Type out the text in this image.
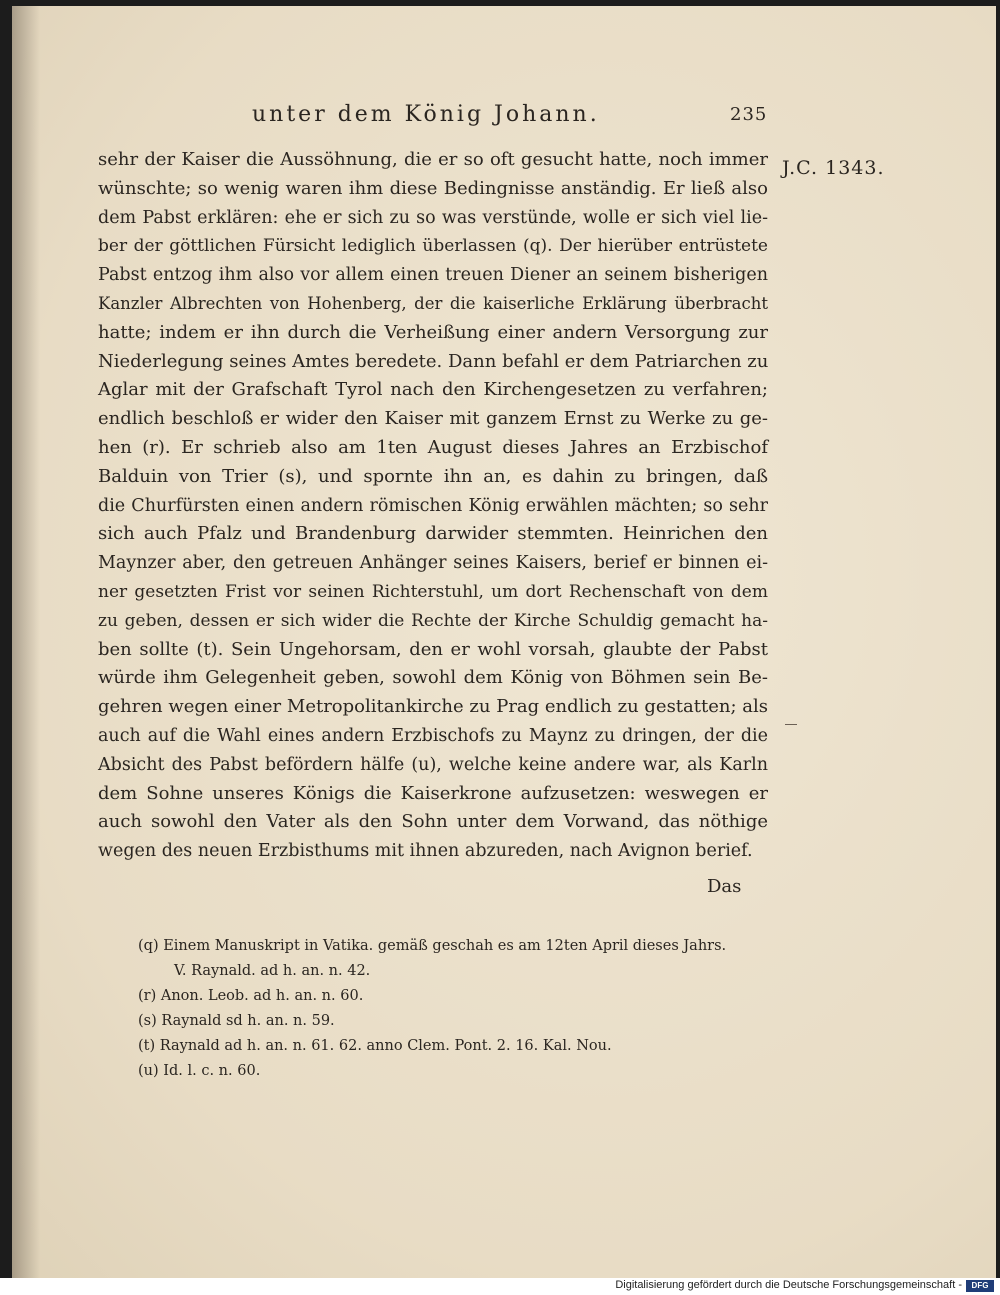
unter dem König Johann.	235
J.C. 1343.
sehr der Kaiser die Aussöhnung, die er so oft gesucht hatte, noch immer
wünschte; so wenig waren ihm diese Bedingnisse anständig. Er ließ also
dem Pabst erklären: ehe er sich zu so was verstünde, wolle er sich viel lie-
ber der göttlichen Fürsicht lediglich überlassen (q). Der hierüber entrüstete
Pabst entzog ihm also vor allem einen treuen Diener an seinem bisherigen
Kanzler Albrechten von Hohenberg, der die kaiserliche Erklärung überbracht
hatte; indem er ihn durch die Verheißung einer andern Versorgung zur
Niederlegung seines Amtes beredete. Dann befahl er dem Patriarchen zu
Aglar mit der Grafschaft Tyrol nach den Kirchengesetzen zu verfahren;
endlich beschloß er wider den Kaiser mit ganzem Ernst zu Werke zu ge-
hen (r). Er schrieb also am 1ten August dieses Jahres an Erzbischof
Balduin von Trier (s), und spornte ihn an, es dahin zu bringen, daß
die Churfürsten einen andern römischen König erwählen mächten; so sehr
sich auch Pfalz und Brandenburg darwider stemmten. Heinrichen den
Maynzer aber, den getreuen Anhänger seines Kaisers, berief er binnen ei-
ner gesetzten Frist vor seinen Richterstuhl, um dort Rechenschaft von dem
zu geben, dessen er sich wider die Rechte der Kirche Schuldig gemacht ha-
ben sollte (t). Sein Ungehorsam, den er wohl vorsah, glaubte der Pabst
würde ihm Gelegenheit geben, sowohl dem König von Böhmen sein Be-
gehren wegen einer Metropolitankirche zu Prag endlich zu gestatten; als
auch auf die Wahl eines andern Erzbischofs zu Maynz zu dringen, der die
Absicht des Pabst befördern hälfe (u), welche keine andere war, als Karln
dem Sohne unseres Königs die Kaiserkrone aufzusetzen: weswegen er
auch sowohl den Vater als den Sohn unter dem Vorwand, das nöthige
wegen des neuen Erzbisthums mit ihnen abzureden, nach Avignon berief.
Das
(q) Einem Manuskript in Vatika. gemäß geschah es am 12ten April dieses Jahrs.
V. Raynald. ad h. an. n. 42.
(r) Anon. Leob. ad h. an. n. 60.
(s) Raynald sd h. an. n. 59.
(t) Raynald ad h. an. n. 61. 62. anno Clem. Pont. 2. 16. Kal. Nou.
(u) Id. l. c. n. 60.
Digitalisierung gefördert durch die Deutsche Forschungsgemeinschaft -	DFG
